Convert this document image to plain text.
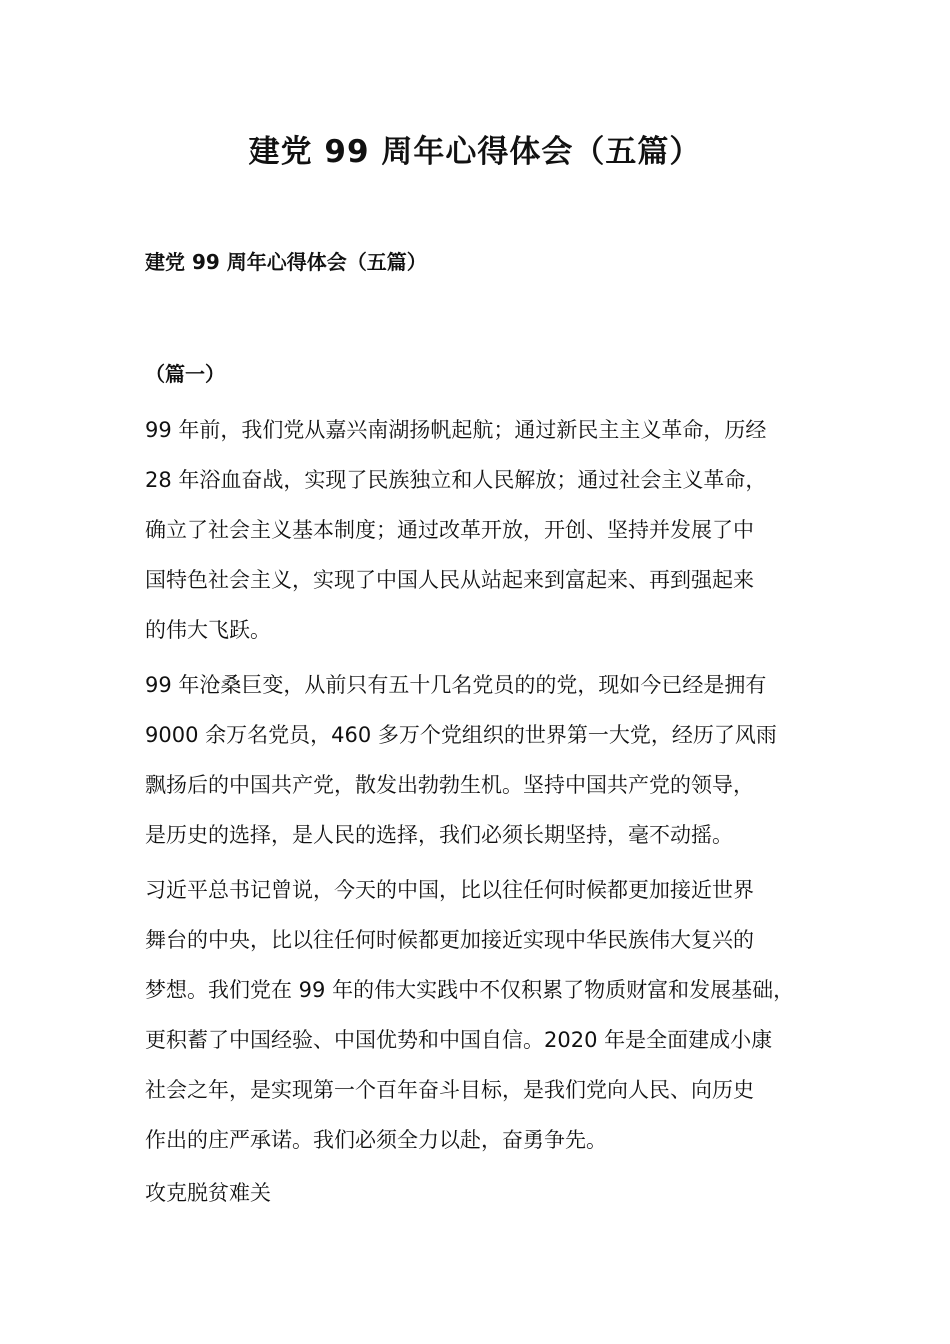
建党 99 周年心得体会（五篇）
建党 99 周年心得体会（五篇）
（篇一）

99 年前，我们党从嘉兴南湖扬帆起航；通过新民主主义革命，历经
28 年浴血奋战，实现了民族独立和人民解放；通过社会主义革命，
确立了社会主义基本制度；通过改革开放，开创、坚持并发展了中
国特色社会主义，实现了中国人民从站起来到富起来、再到强起来
的伟大飞跃。

99 年沧桑巨变，从前只有五十几名党员的的党，现如今已经是拥有
9000 余万名党员，460 多万个党组织的世界第一大党，经历了风雨
飘扬后的中国共产党，散发出勃勃生机。坚持中国共产党的领导，
是历史的选择，是人民的选择，我们必须长期坚持，毫不动摇。

习近平总书记曾说，今天的中国，比以往任何时候都更加接近世界
舞台的中央，比以往任何时候都更加接近实现中华民族伟大复兴的
梦想。我们党在 99 年的伟大实践中不仅积累了物质财富和发展基础，
更积蓄了中国经验、中国优势和中国自信。2020 年是全面建成小康
社会之年，是实现第一个百年奋斗目标，是我们党向人民、向历史
作出的庄严承诺。我们必须全力以赴，奋勇争先。

攻克脱贫难关
